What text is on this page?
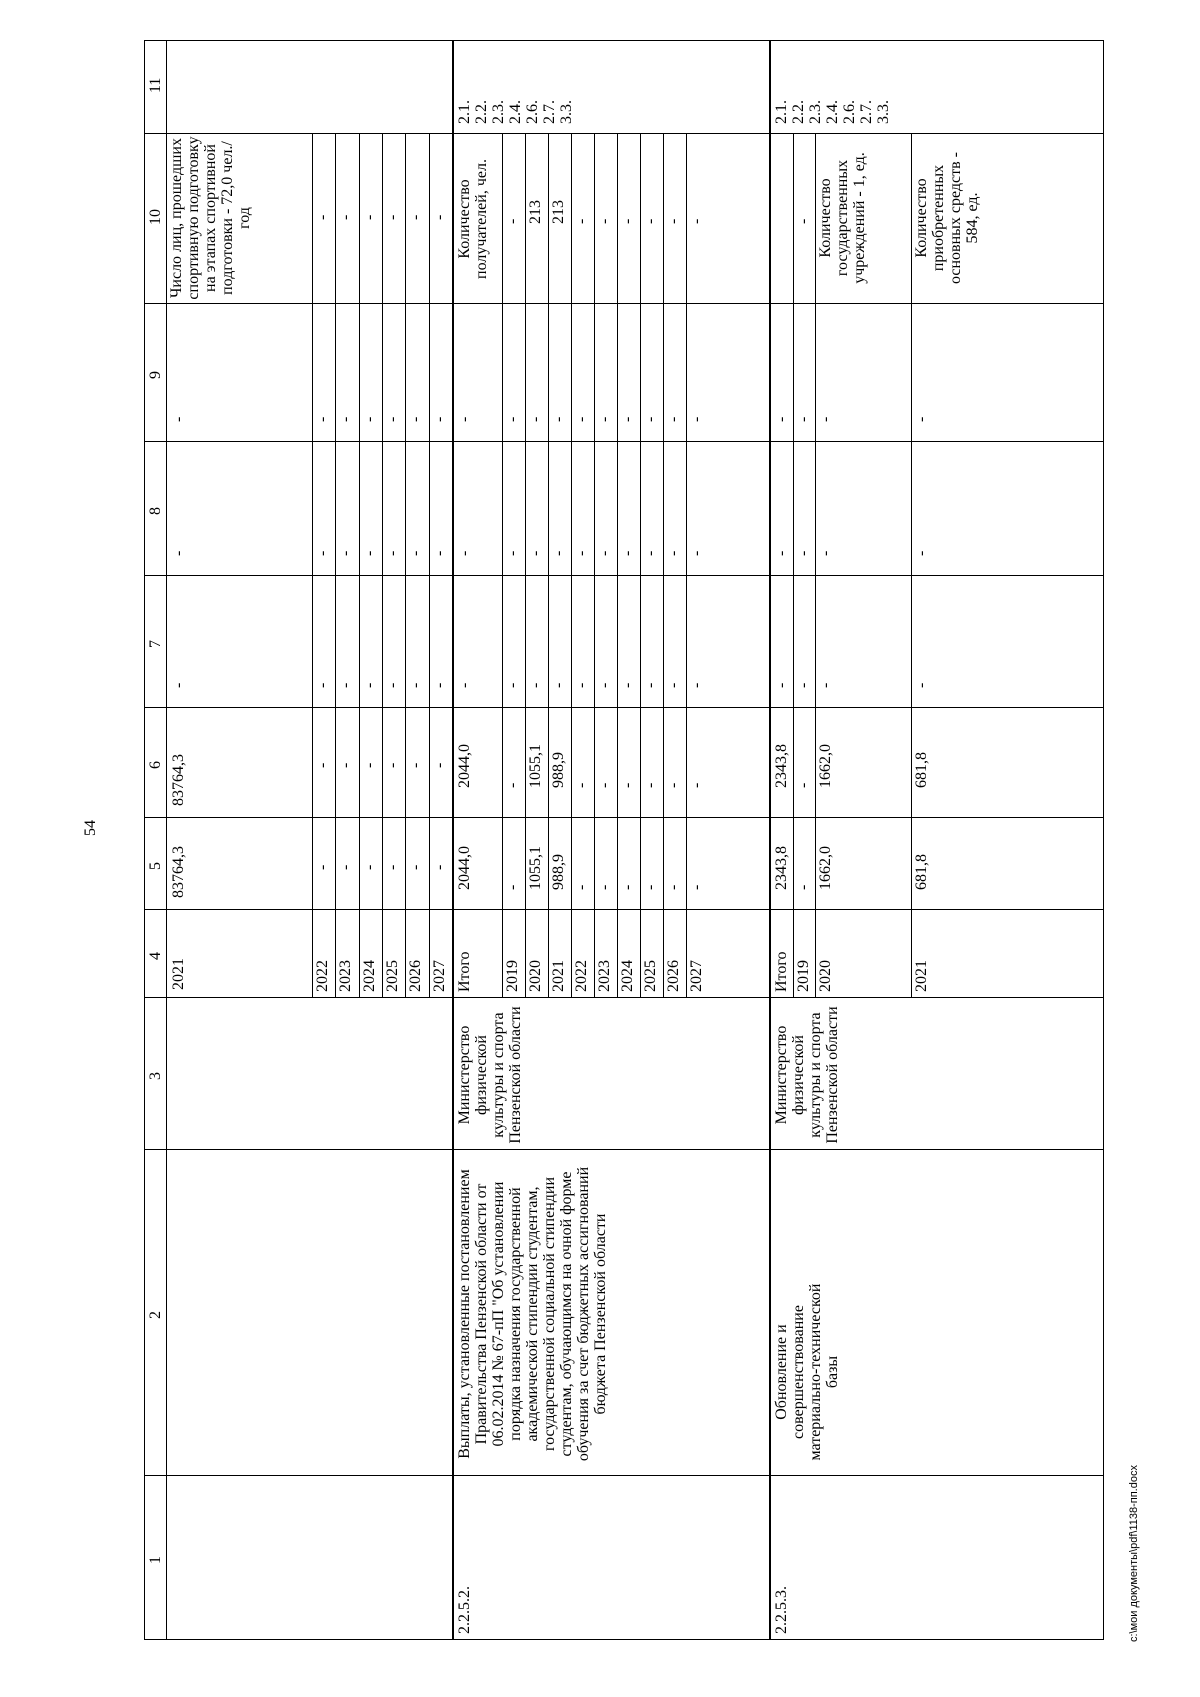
54
1
2
3
4
5
6
7
8
9
10
11
2021
83764,3
83764,3
-
-
-
Число лиц, прошедших спортивную подготовку на этапах спортивной подготовки - 72,0 чел./год
2022
-
-
-
-
-
-
2023
-
-
-
-
-
-
2024
-
-
-
-
-
-
2025
-
-
-
-
-
-
2026
-
-
-
-
-
-
2027
-
-
-
-
-
-
2.2.5.2.
Выплаты, установленные постановлением Правительства Пензенской области от 06.02.2014 № 67-пП "Об установлении порядка назначения государственной академической стипендии студентам, государственной социальной стипендии студентам, обучающимся на очной форме обучения за счет бюджетных ассигнований бюджета Пензенской области
Министерство физической культуры и спорта Пензенской области
Количество получателей, чел.
2.1. 2.2. 2.3. 2.4. 2.6. 2.7. 3.3.
Итого
2044,0
2044,0
-
-
-
2019
-
-
-
-
-
-
2020
1055,1
1055,1
-
-
-
213
2021
988,9
988,9
-
-
-
213
2022
-
-
-
-
-
-
2023
-
-
-
-
-
-
2024
-
-
-
-
-
-
2025
-
-
-
-
-
-
2026
-
-
-
-
-
-
2027
-
-
-
-
-
-
2.2.5.3.
Обновление и совершенствование материально-технической базы
Министерство физической культуры и спорта Пензенской области
2.1. 2.2. 2.3. 2.4. 2.6. 2.7. 3.3.
Итого
2343,8
2343,8
-
-
-
2019
-
-
-
-
-
-
2020
1662,0
1662,0
-
-
-
Количество государственных учреждений - 1, ед.
2021
681,8
681,8
-
-
-
Количество приобретенных основных средств - 584, ед.
c:\мои документы\pdf\1138-пп.docx
